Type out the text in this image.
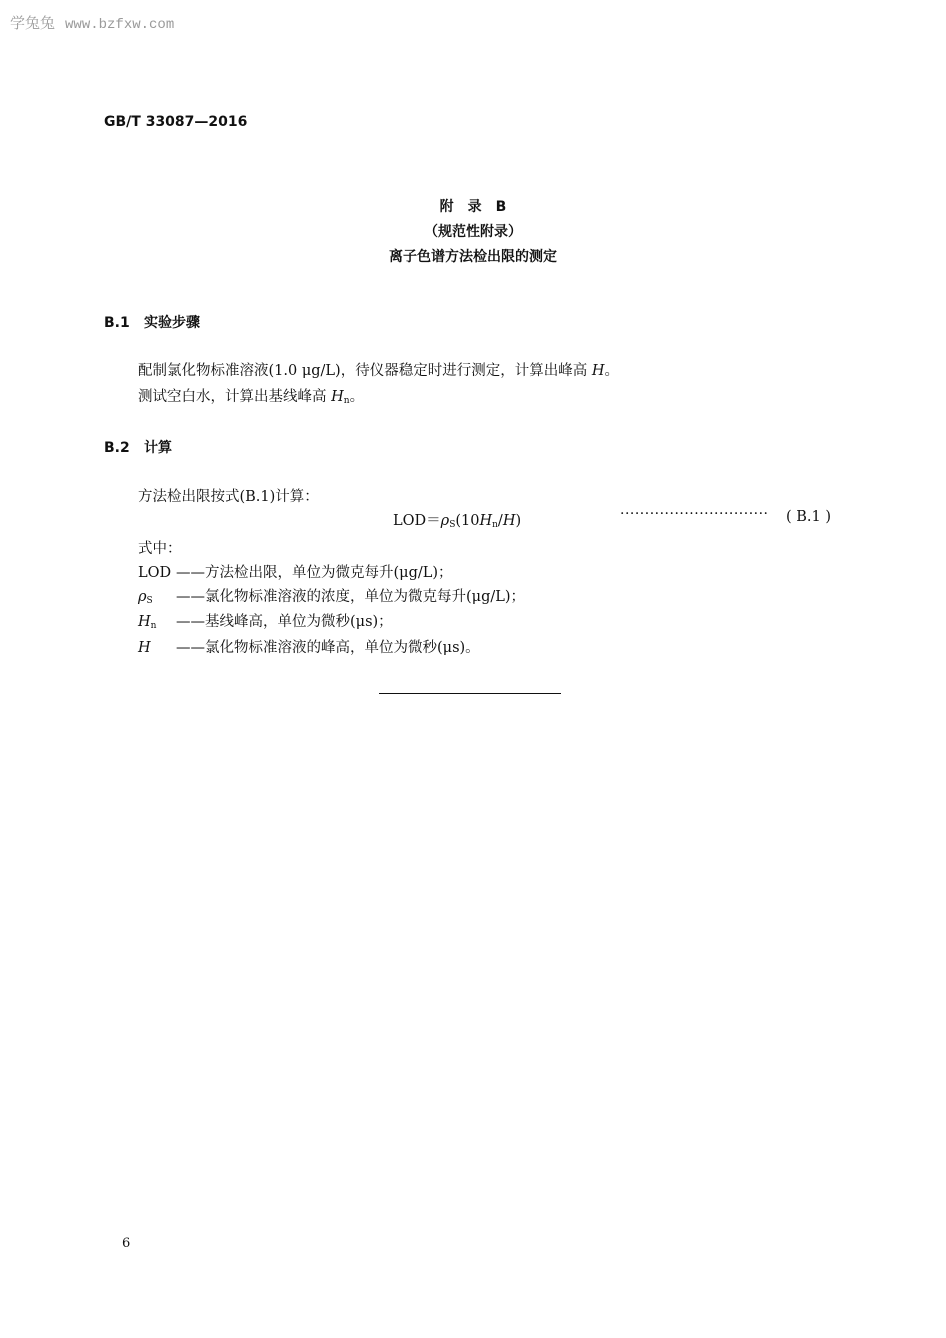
学兔兔 www.bzfxw.com
GB/T 33087—2016
附　录　B
（规范性附录）
离子色谱方法检出限的测定
B.1 实验步骤
配制氯化物标准溶液(1.0 μg/L)，待仪器稳定时进行测定，计算出峰高 H。
测试空白水，计算出基线峰高 $H_n$。
B.2 计算
方法检出限按式(B.1)计算：
$LOD=\rho_S(10H_n/H)$	······························ ( B.1 )
式中：
LOD ——方法检出限，单位为微克每升(μg/L)；
$\rho_S$ ——氯化物标准溶液的浓度，单位为微克每升(μg/L)；
$H_n$ ——基线峰高，单位为微秒(μs)；
H ——氯化物标准溶液的峰高，单位为微秒(μs)。
6
